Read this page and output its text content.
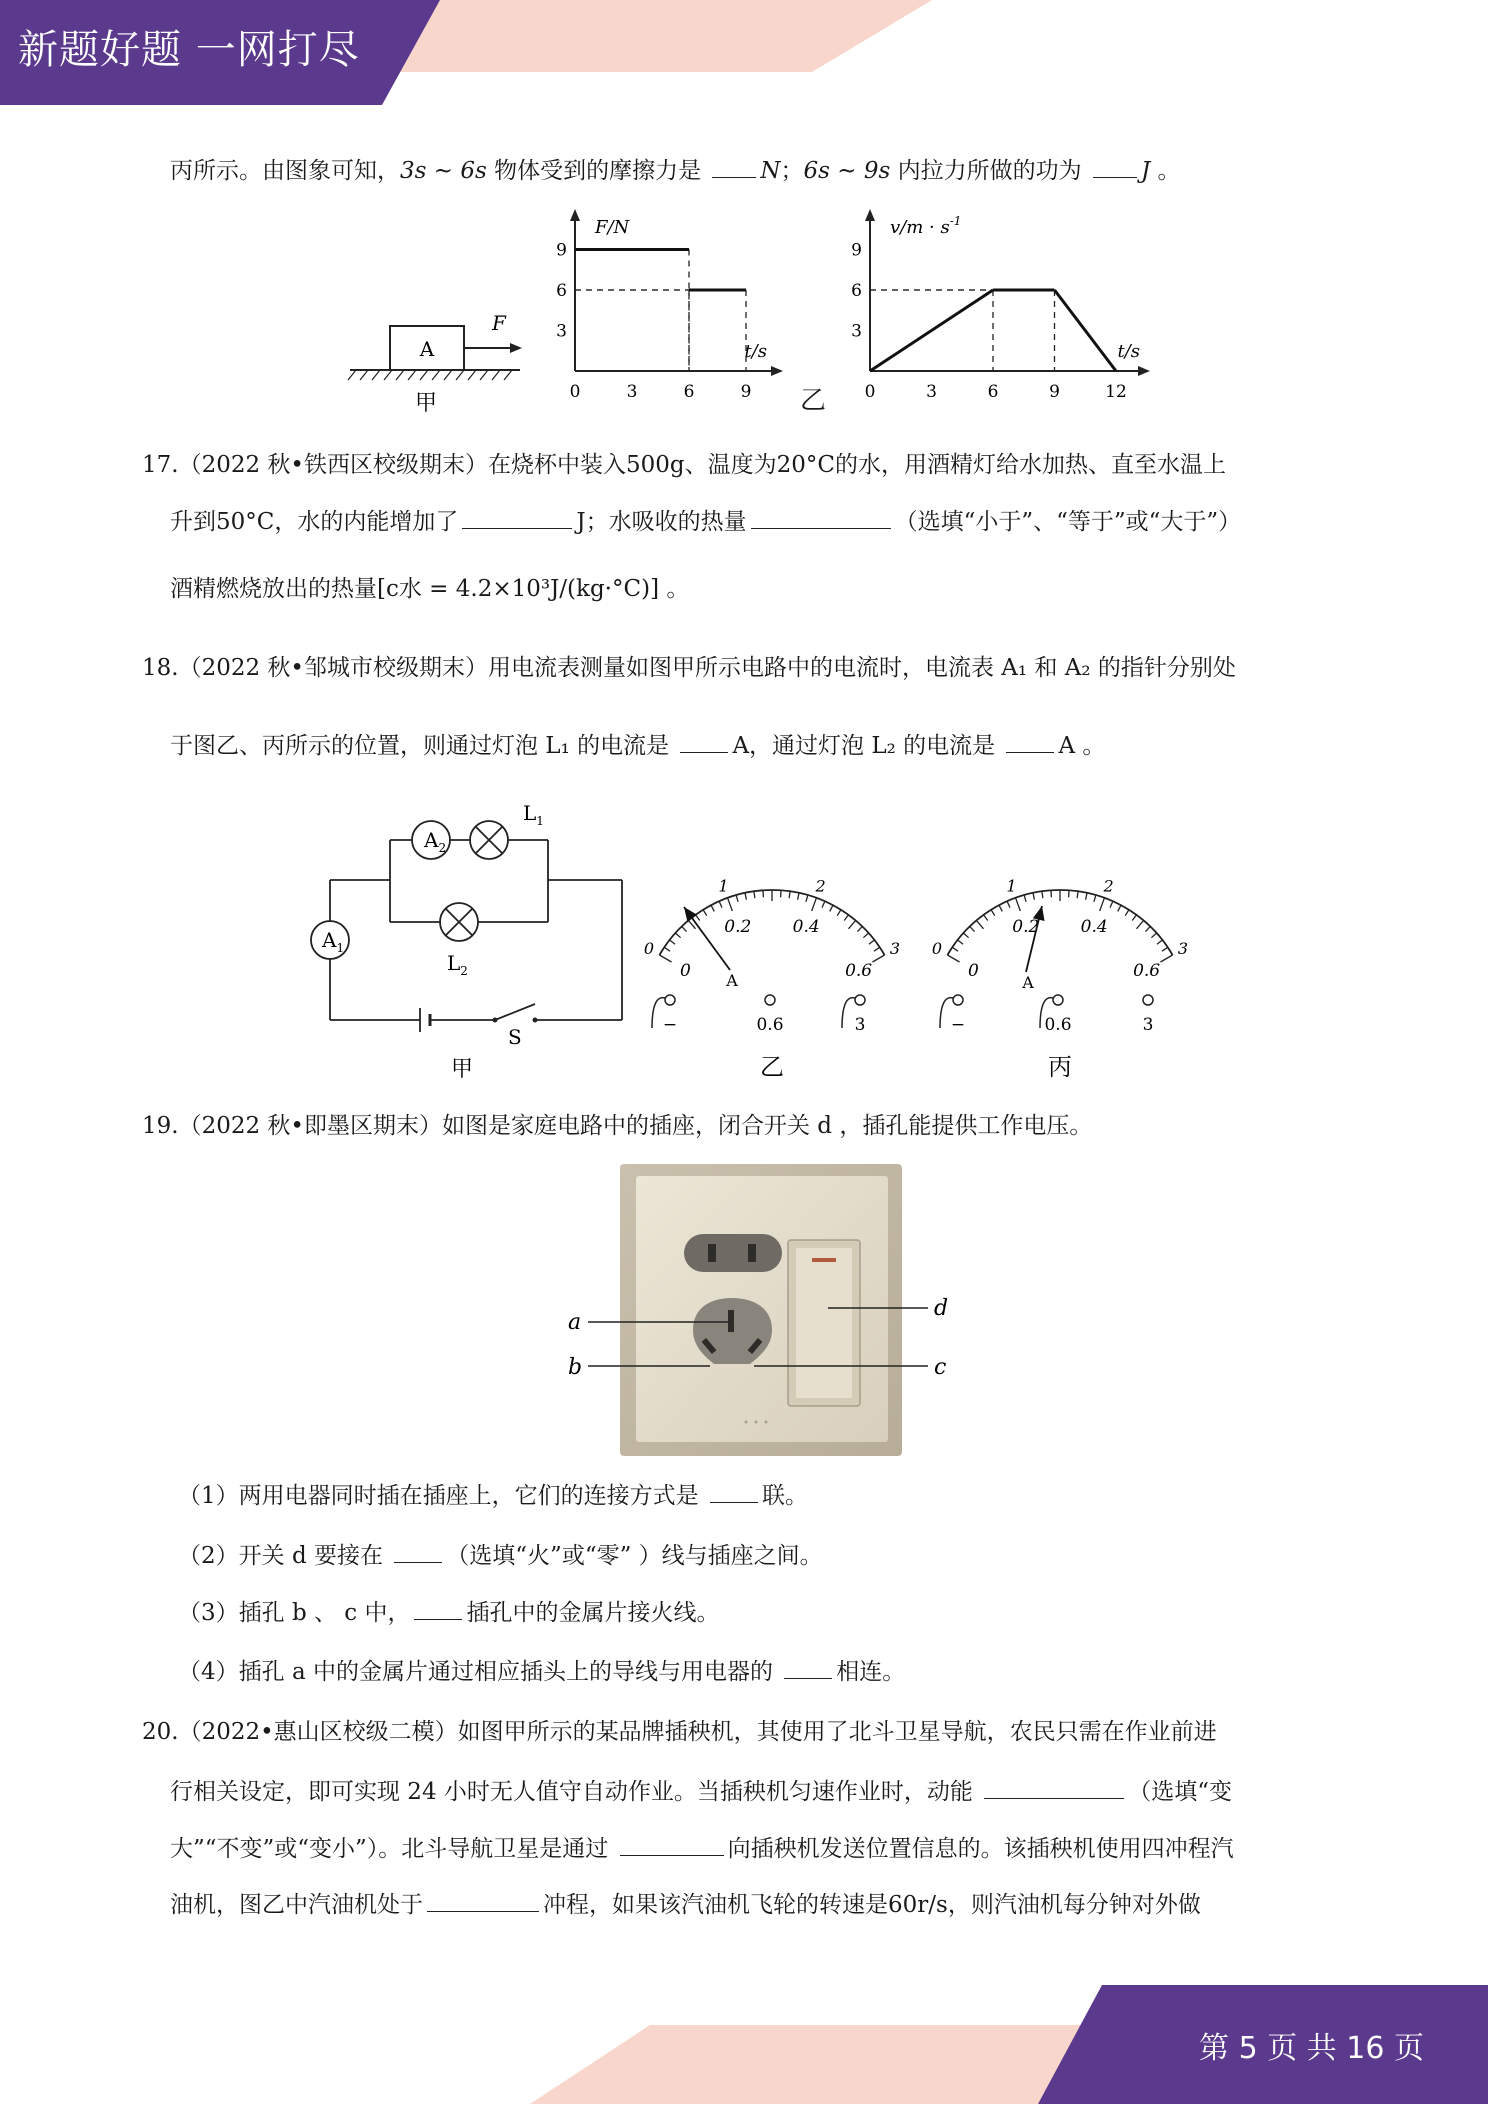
新题好题 一网打尽
丙所示。由图象可知，3s ~ 6s 物体受到的摩擦力是 N；6s ~ 9s 内拉力所做的功为 J 。
A
F
甲
F/N
t/s
9
6
3
0	3	6	9
$v/m \cdot s^{-1}$
t/s
9
6
3
0	3	6	9	12
乙
17.（2022 秋•铁西区校级期末）在烧杯中装入500g、温度为20°C的水，用酒精灯给水加热、直至水温上
升到50°C，水的内能增加了	J；水吸收的热量	（选填“小于”、“等于”或“大于”）
酒精燃烧放出的热量[c水 = 4.2×10³J/(kg·°C)] 。
18.（2022 秋•邹城市校级期末）用电流表测量如图甲所示电路中的电流时，电流表 A₁ 和 A₂ 的指针分别处
于图乙、丙所示的位置，则通过灯泡 L₁ 的电流是 A，通过灯泡 L₂ 的电流是 A 。
$A_2$
$L_1$
$L_2$
$A_1$
S
甲
0
1	2
3
0
0.2 0.4
0.6
A
−	0.6	3
乙
0
1	2
3
0
0.2 0.4
0.6
A
−	0.6	3
丙
19.（2022 秋•即墨区期末）如图是家庭电路中的插座，闭合开关 d ，插孔能提供工作电压。
a
b	c
d
（1）两用电器同时插在插座上，它们的连接方式是 联。
（2）开关 d 要接在 （选填“火”或“零” ）线与插座之间。
（3）插孔 b 、 c 中， 插孔中的金属片接火线。
（4）插孔 a 中的金属片通过相应插头上的导线与用电器的 相连。
20.（2022•惠山区校级二模）如图甲所示的某品牌插秧机，其使用了北斗卫星导航，农民只需在作业前进
行相关设定，即可实现 24 小时无人值守自动作业。当插秧机匀速作业时，动能	（选填“变
大”“不变”或“变小”）。北斗导航卫星是通过	向插秧机发送位置信息的。该插秧机使用四冲程汽
油机，图乙中汽油机处于	冲程，如果该汽油机飞轮的转速是60r/s，则汽油机每分钟对外做
第 5 页 共 16 页
